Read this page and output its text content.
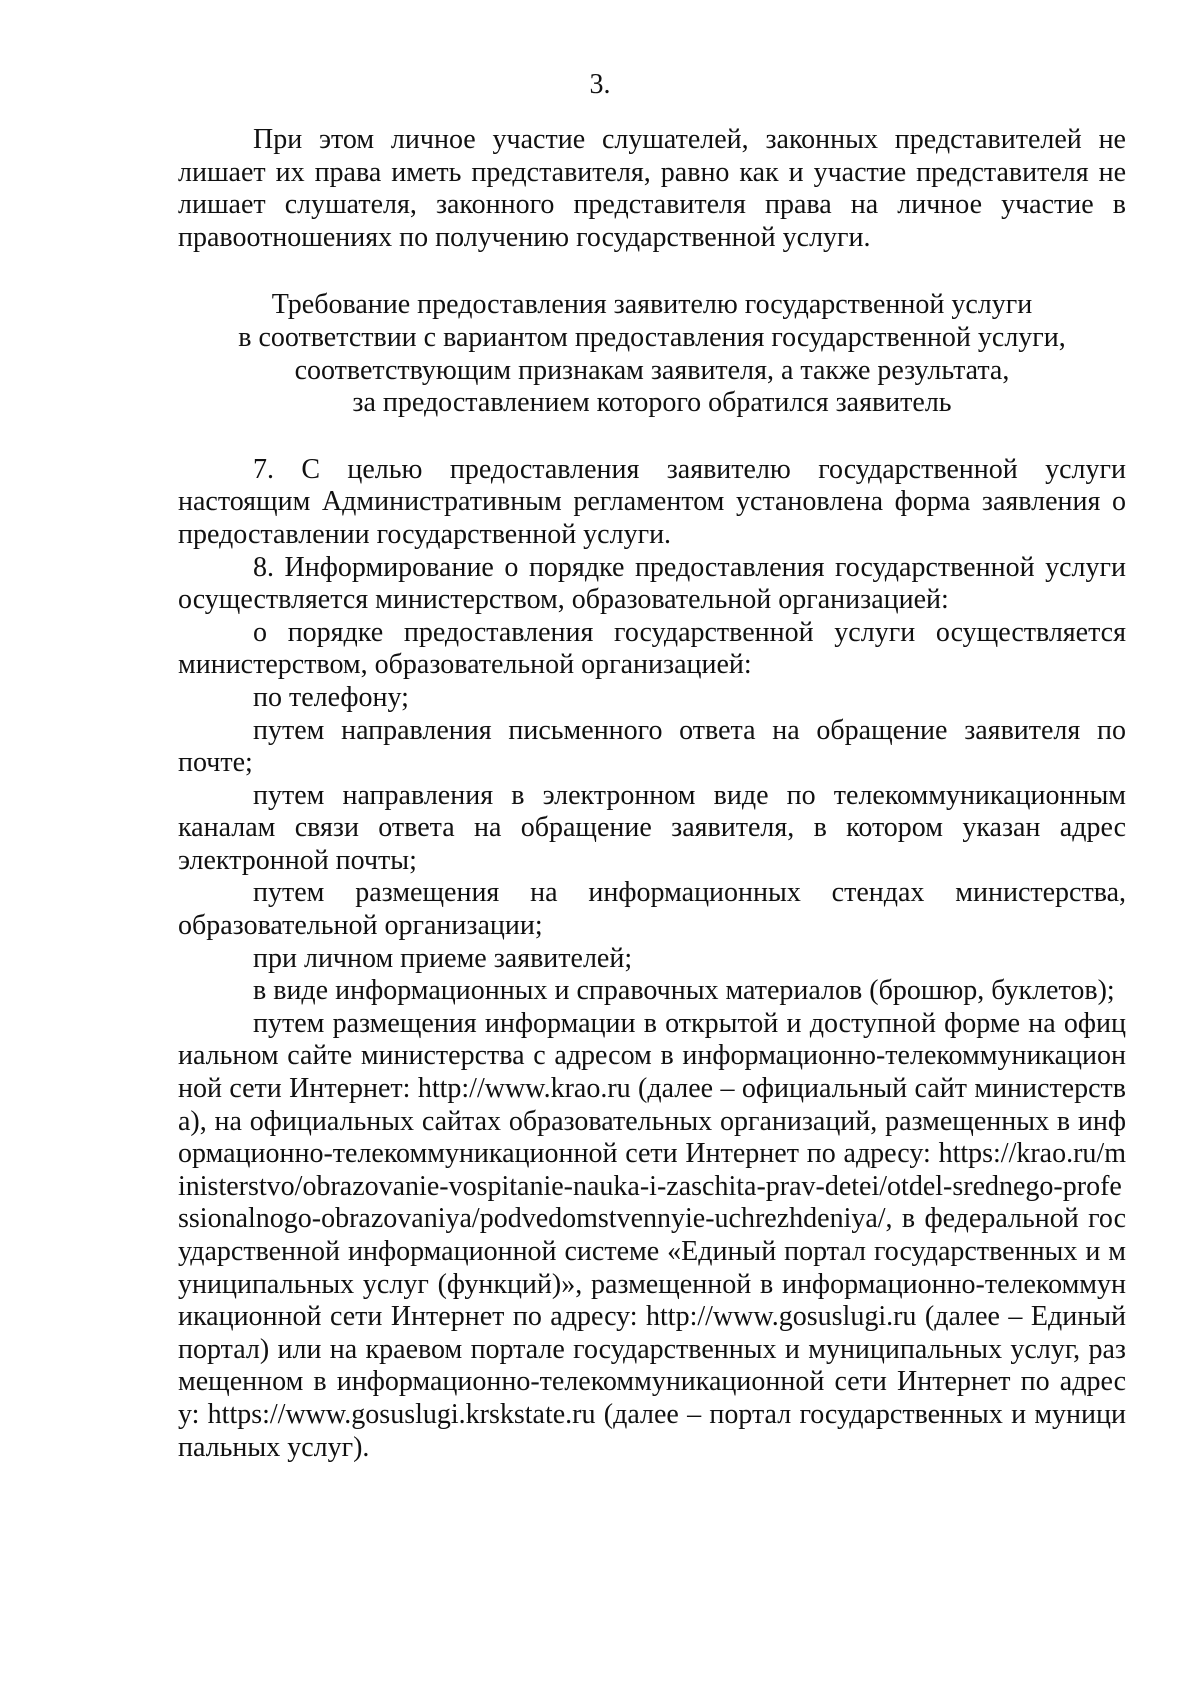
3.

При этом личное участие слушателей, законных представителей не лишает их права иметь представителя, равно как и участие представителя не лишает слушателя, законного представителя права на личное участие в правоотношениях по получению государственной услуги.

Требование предоставления заявителю государственной услуги
в соответствии с вариантом предоставления государственной услуги,
соответствующим признакам заявителя, а также результата,
за предоставлением которого обратился заявитель

7. С целью предоставления заявителю государственной услуги настоящим Административным регламентом установлена форма заявления о предоставлении государственной услуги.

8. Информирование о порядке предоставления государственной услуги осуществляется министерством, образовательной организацией:

о порядке предоставления государственной услуги осуществляется министерством, образовательной организацией:

по телефону;

путем направления письменного ответа на обращение заявителя по почте;

путем направления в электронном виде по телекоммуникационным каналам связи ответа на обращение заявителя, в котором указан адрес электронной почты;

путем размещения на информационных стендах министерства, образовательной организации;

при личном приеме заявителей;

в виде информационных и справочных материалов (брошюр, буклетов);

путем размещения информации в открытой и доступной форме на официальном сайте министерства с адресом в информационно-телекоммуникационной сети Интернет: http://www.krao.ru (далее – официальный сайт министерства), на официальных сайтах образовательных организаций, размещенных в информационно-телекоммуникационной сети Интернет по адресу: https://krao.ru/ministerstvo/obrazovanie-vospitanie-nauka-i-zaschita-prav-detei/otdel-srednego-professionalnogo-obrazovaniya/podvedomstvennyie-uchrezhdeniya/, в федеральной государственной информационной системе «Единый портал государственных и муниципальных услуг (функций)», размещенной в информационно-телекоммуникационной сети Интернет по адресу: http://www.gosuslugi.ru (далее – Единый портал) или на краевом портале государственных и муниципальных услуг, размещенном в информационно-телекоммуникационной сети Интернет по адресу: https://www.gosuslugi.krskstate.ru (далее – портал государственных и муниципальных услуг).
